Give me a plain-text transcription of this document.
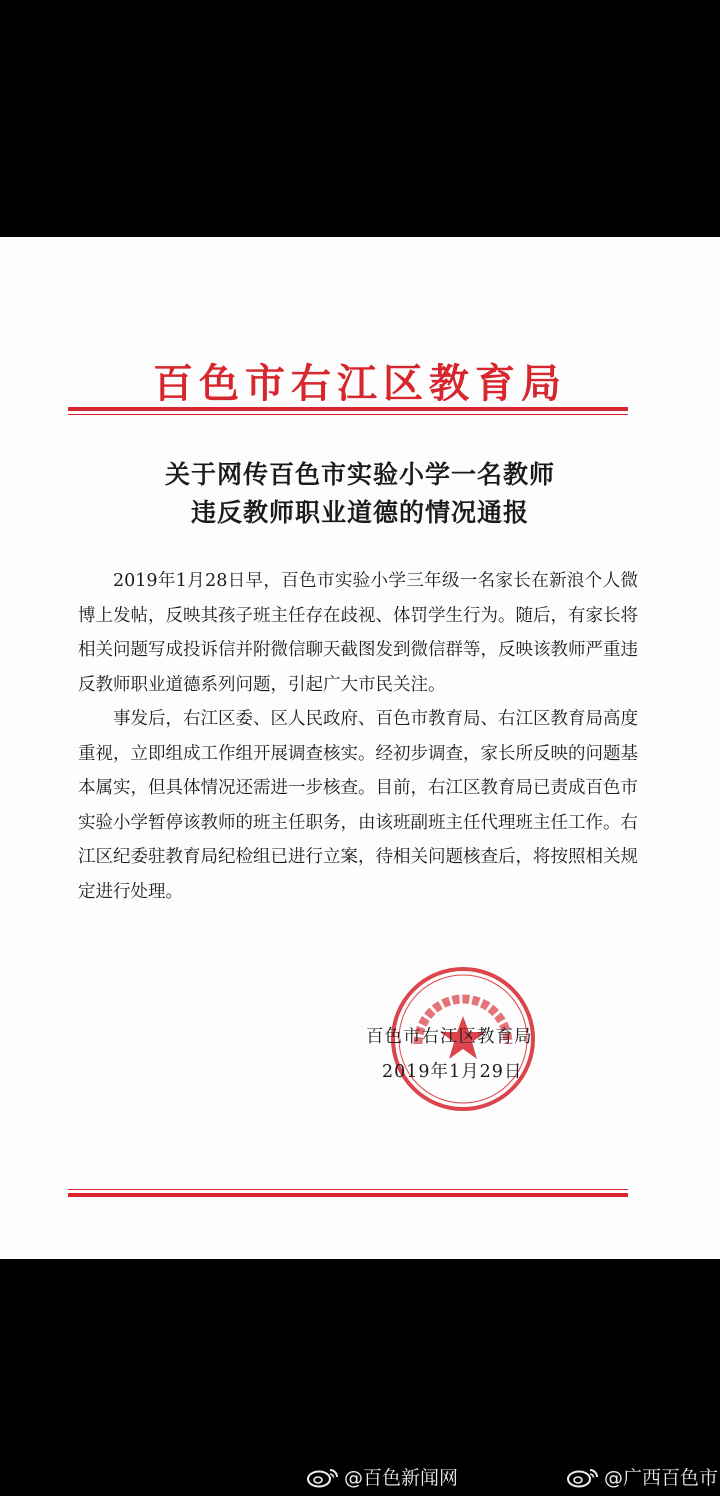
百色市右江区教育局
关于网传百色市实验小学一名教师
违反教师职业道德的情况通报

2019年1月28日早，百色市实验小学三年级一名家长在新浪个人微博上发帖，反映其孩子班主任存在歧视、体罚学生行为。随后，有家长将相关问题写成投诉信并附微信聊天截图发到微信群等，反映该教师严重违反教师职业道德系列问题，引起广大市民关注。

事发后，右江区委、区人民政府、百色市教育局、右江区教育局高度重视，立即组成工作组开展调查核实。经初步调查，家长所反映的问题基本属实，但具体情况还需进一步核查。目前，右江区教育局已责成百色市实验小学暂停该教师的班主任职务，由该班副班主任代理班主任工作。右江区纪委驻教育局纪检组已进行立案，待相关问题核查后，将按照相关规定进行处理。

百色市右江区教育局
2019年1月29日
@百色新闻网	@广西百色市
